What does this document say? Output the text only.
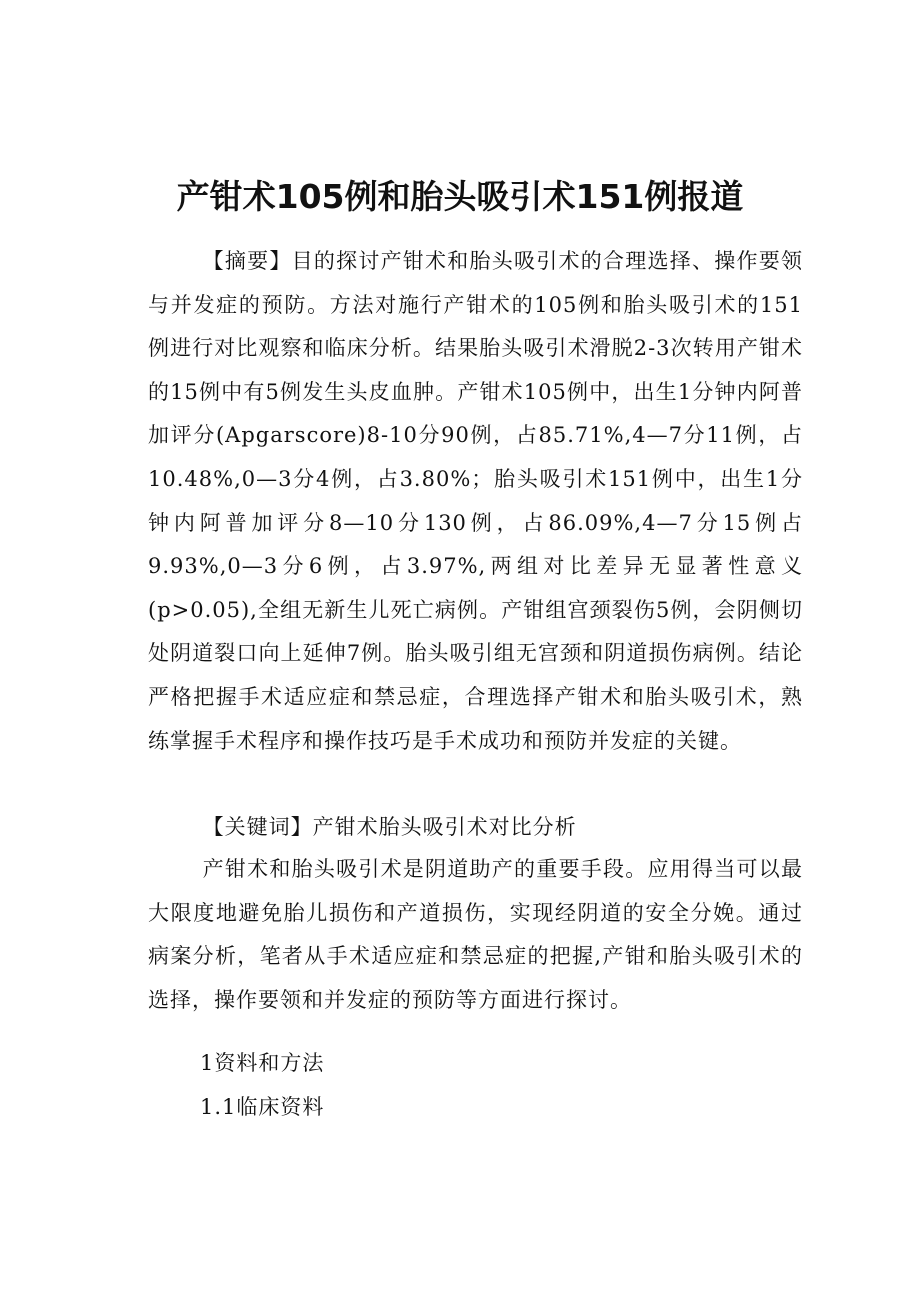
产钳术105例和胎头吸引术151例报道

【摘要】目的探讨产钳术和胎头吸引术的合理选择、操作要领与并发症的预防。方法对施行产钳术的105例和胎头吸引术的151例进行对比观察和临床分析。结果胎头吸引术滑脱2-3次转用产钳术的15例中有5例发生头皮血肿。产钳术105例中，出生1分钟内阿普加评分(Apgarscore)8-10分90例，占85.71%,4—7分11例，占10.48%,0—3分4例，占3.80%；胎头吸引术151例中，出生1分钟内阿普加评分8—10分130例，占86.09%,4—7分15例占9.93%,0—3分6例，占3.97%,两组对比差异无显著性意义(p>0.05),全组无新生儿死亡病例。产钳组宫颈裂伤5例，会阴侧切处阴道裂口向上延伸7例。胎头吸引组无宫颈和阴道损伤病例。结论严格把握手术适应症和禁忌症，合理选择产钳术和胎头吸引术，熟练掌握手术程序和操作技巧是手术成功和预防并发症的关键。

【关键词】产钳术胎头吸引术对比分析

产钳术和胎头吸引术是阴道助产的重要手段。应用得当可以最大限度地避免胎儿损伤和产道损伤，实现经阴道的安全分娩。通过病案分析，笔者从手术适应症和禁忌症的把握,产钳和胎头吸引术的选择，操作要领和并发症的预防等方面进行探讨。

1资料和方法

1.1临床资料
